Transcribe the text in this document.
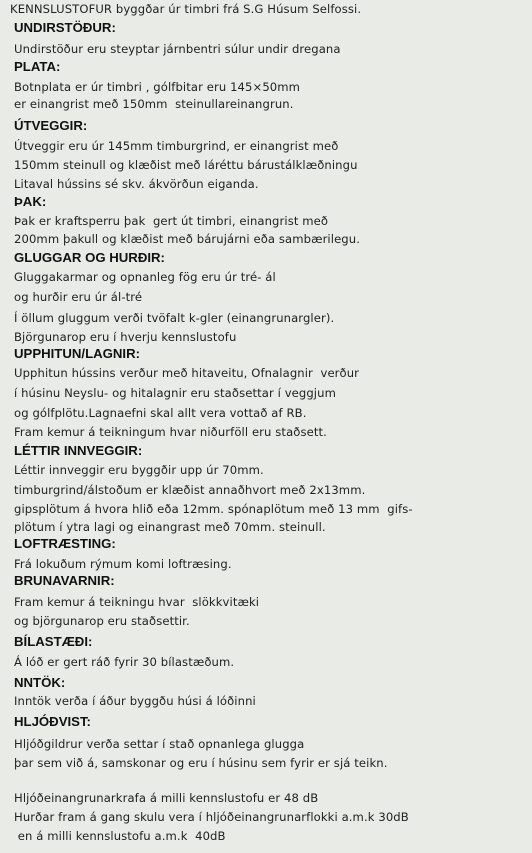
KENNSLUSTOFUR byggðar úr timbri frá S.G Húsum Selfossi.
UNDIRSTÖÐUR:
Undirstöður eru steyptar járnbentri súlur undir dregana
PLATA:
Botnplata er úr timbri , gólfbitar eru 145×50mm
er einangrist með 150mm  steinullareinangrun.
ÚTVEGGIR:
Útveggir eru úr 145mm timburgrind, er einangrist með
150mm steinull og klæðist með láréttu bárustálklæðningu
Litaval hússins sé skv. ákvörðun eiganda.
ÞAK:
Þak er kraftsperru þak  gert út timbri, einangrist með
200mm þakull og klæðist með bárujárni eða sambærilegu.
GLUGGAR OG HURÐIR:
Gluggakarmar og opnanleg fög eru úr tré- ál
og hurðir eru úr ál-tré
Í öllum gluggum verði tvöfalt k-gler (einangrunargler).
Björgunarop eru í hverju kennslustofu
UPPHITUN/LAGNIR:
Upphitun hússins verður með hitaveitu, Ofnalagnir  verður
í húsinu Neyslu- og hitalagnir eru staðsettar í veggjum
og gólfplötu.Lagnaefni skal allt vera vottað af RB.
Fram kemur á teikningum hvar niðurföll eru staðsett.
LÉTTIR INNVEGGIR:
Léttir innveggir eru byggðir upp úr 70mm.
timburgrind/álstoðum er klæðist annaðhvort með 2x13mm.
gipsplötum á hvora hlið eða 12mm. spónaplötum með 13 mm  gifs-
plötum í ytra lagi og einangrast með 70mm. steinull.
LOFTRÆSTING:
Frá lokuðum rýmum komi loftræsing.
BRUNAVARNIR:
Fram kemur á teikningu hvar  slökkvitæki
og björgunarop eru staðsettir.
BÍLASTÆÐI:
Á lóð er gert ráð fyrir 30 bílastæðum.
NNTÖK:
Inntök verða í áður byggðu húsi á lóðinni
HLJÓÐVIST:
Hljóðgildrur verða settar í stað opnanlega glugga
þar sem við á, samskonar og eru í húsinu sem fyrir er sjá teikn.
Hljóðeinangrunarkrafa á milli kennslustofu er 48 dB
Hurðar fram á gang skulu vera í hljóðeinangrunarflokki a.m.k 30dB
en á milli kennslustofu a.m.k  40dB
